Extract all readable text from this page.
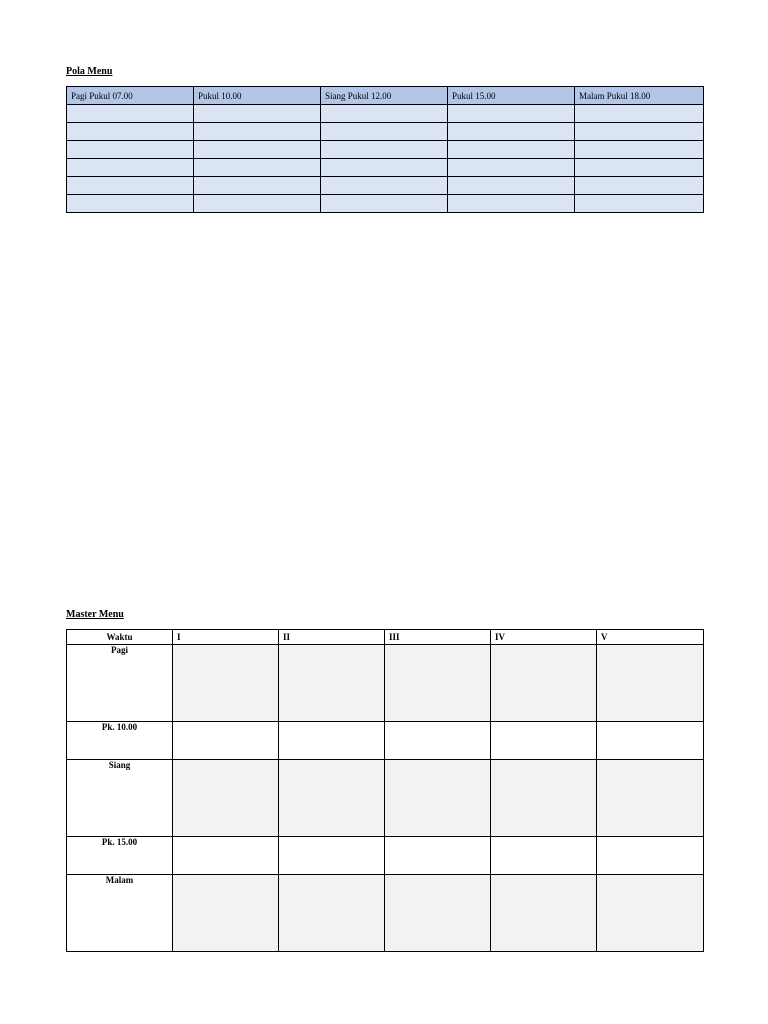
Pola Menu
Pagi Pukul 07.00	Pukul 10.00	Siang Pukul 12.00	Pukul 15.00	Malam Pukul 18.00

Master Menu
Waktu	I	II	III	IV	V
Pagi					
Pk. 10.00					
Siang					
Pk. 15.00					
Malam					
